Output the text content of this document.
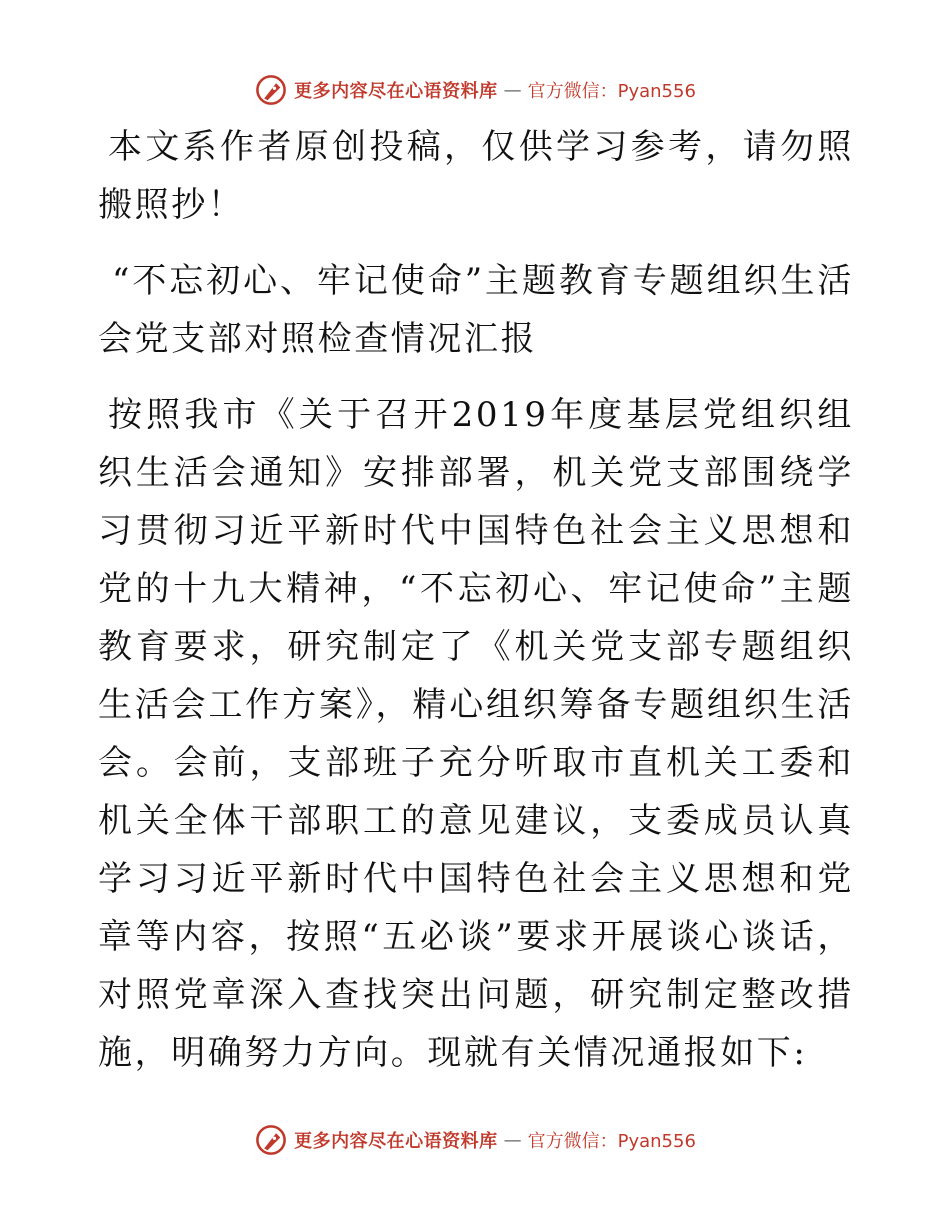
更多内容尽在心语资料库 — 官方微信：Pyan556

本文系作者原创投稿，仅供学习参考，请勿照搬照抄！

“不忘初心、牢记使命”主题教育专题组织生活会党支部对照检查情况汇报

按照我市《关于召开2019年度基层党组织组织生活会通知》安排部署，机关党支部围绕学习贯彻习近平新时代中国特色社会主义思想和党的十九大精神，“不忘初心、牢记使命”主题教育要求，研究制定了《机关党支部专题组织生活会工作方案》，精心组织筹备专题组织生活会。会前，支部班子充分听取市直机关工委和机关全体干部职工的意见建议，支委成员认真学习习近平新时代中国特色社会主义思想和党章等内容，按照“五必谈”要求开展谈心谈话，对照党章深入查找突出问题，研究制定整改措施，明确努力方向。现就有关情况通报如下:

更多内容尽在心语资料库 — 官方微信：Pyan556
